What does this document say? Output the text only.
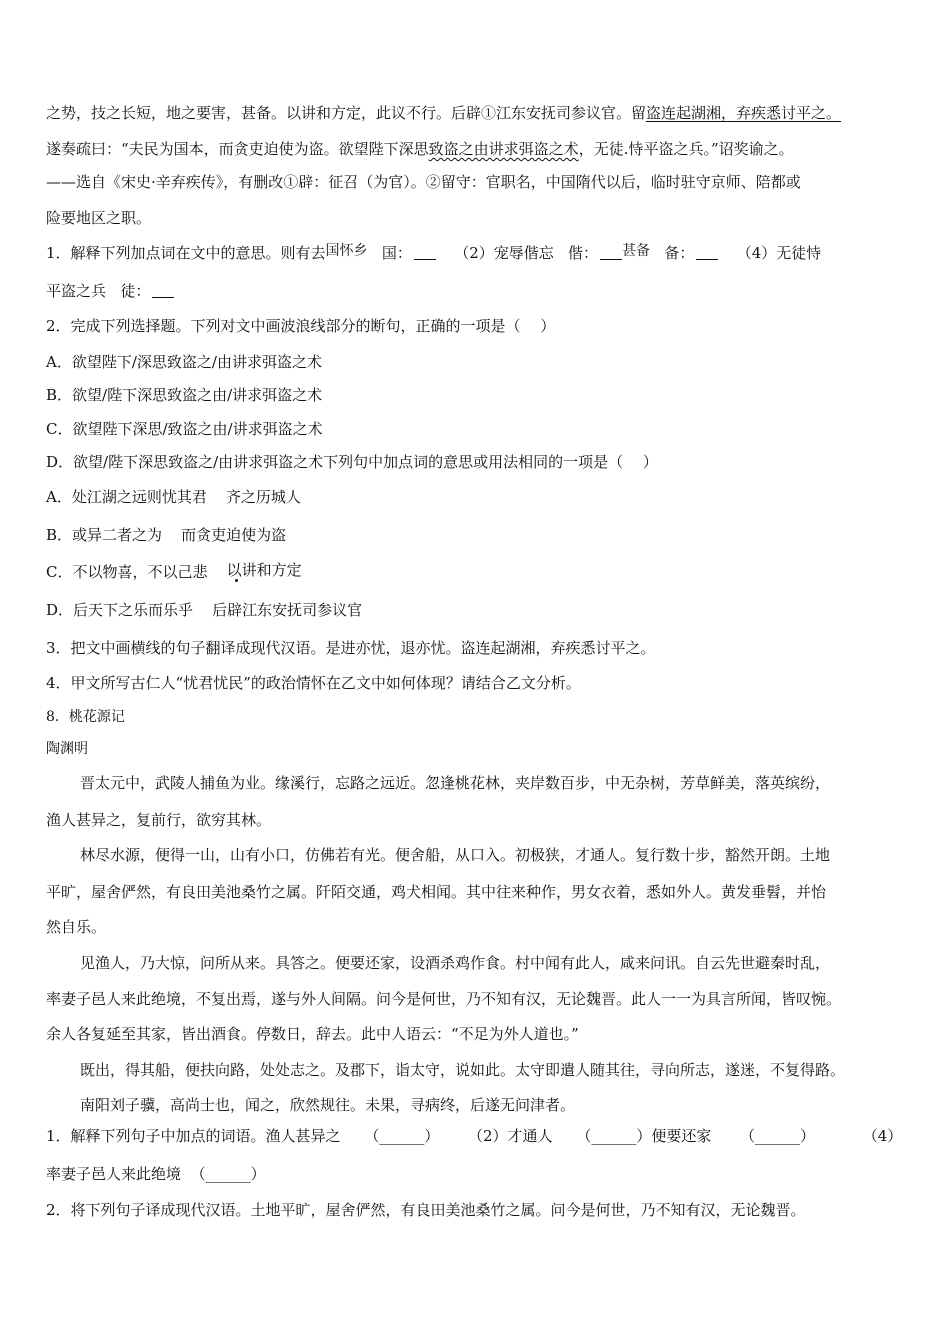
之势，技之长短，地之要害，甚备。以讲和方定，此议不行。后辟①江东安抚司参议官。留盗连起湖湘，弃疾悉讨平之。
遂奏疏曰：“夫民为国本，而贪吏迫使为盗。欲望陛下深思致盗之由讲求弭盗之术，无徒.恃平盗之兵。”诏奖谕之。
——选自《宋史·辛弃疾传》，有删改①辟：征召（为官）。②留守：官职名，中国隋代以后，临时驻守京师、陪都或
险要地区之职。
1．解释下列加点词在文中的意思。则有去国怀乡 国：	（2）宠辱偕忘 偕： 甚备 备：	（4）无徒恃
平盗之兵 徒：
2．完成下列选择题。下列对文中画波浪线部分的断句，正确的一项是（　 ）
A．欲望陛下/深思致盗之/由讲求弭盗之术
B．欲望/陛下深思致盗之由/讲求弭盗之术
C．欲望陛下深思/致盗之由/讲求弭盗之术
D．欲望/陛下深思致盗之/由讲求弭盗之术下列句中加点词的意思或用法相同的一项是（　 ）
A．处江湖之远则忧其君 齐之历城人
B．或异二者之为 而贪吏迫使为盗
C．不以物喜，不以己悲 以讲和方定
D．后天下之乐而乐乎 后辟江东安抚司参议官
3．把文中画横线的句子翻译成现代汉语。是进亦忧，退亦忧。盗连起湖湘，弃疾悉讨平之。
4．甲文所写古仁人“忧君忧民”的政治情怀在乙文中如何体现？请结合乙文分析。
8．桃花源记
陶渊明
晋太元中，武陵人捕鱼为业。缘溪行，忘路之远近。忽逢桃花林，夹岸数百步，中无杂树，芳草鲜美，落英缤纷，
渔人甚异之，复前行，欲穷其林。
林尽水源，便得一山，山有小口，仿佛若有光。便舍船，从口入。初极狭，才通人。复行数十步，豁然开朗。土地
平旷，屋舍俨然，有良田美池桑竹之属。阡陌交通，鸡犬相闻。其中往来种作，男女衣着，悉如外人。黄发垂髫，并怡
然自乐。
见渔人，乃大惊，问所从来。具答之。便要还家，设酒杀鸡作食。村中闻有此人，咸来问讯。自云先世避秦时乱，
率妻子邑人来此绝境，不复出焉，遂与外人间隔。问今是何世，乃不知有汉，无论魏晋。此人一一为具言所闻，皆叹惋。
余人各复延至其家，皆出酒食。停数日，辞去。此中人语云：“不足为外人道也。”
既出，得其船，便扶向路，处处志之。及郡下，诣太守，说如此。太守即遣人随其往，寻向所志，遂迷，不复得路。
南阳刘子骥，高尚士也，闻之，欣然规往。未果，寻病终，后遂无问津者。
1．解释下列句子中加点的词语。渔人甚异之 （______） （2）才通人 （______）便要还家 （______）	（4）
率妻子邑人来此绝境 （______）
2．将下列句子译成现代汉语。土地平旷，屋舍俨然，有良田美池桑竹之属。问今是何世，乃不知有汉，无论魏晋。
